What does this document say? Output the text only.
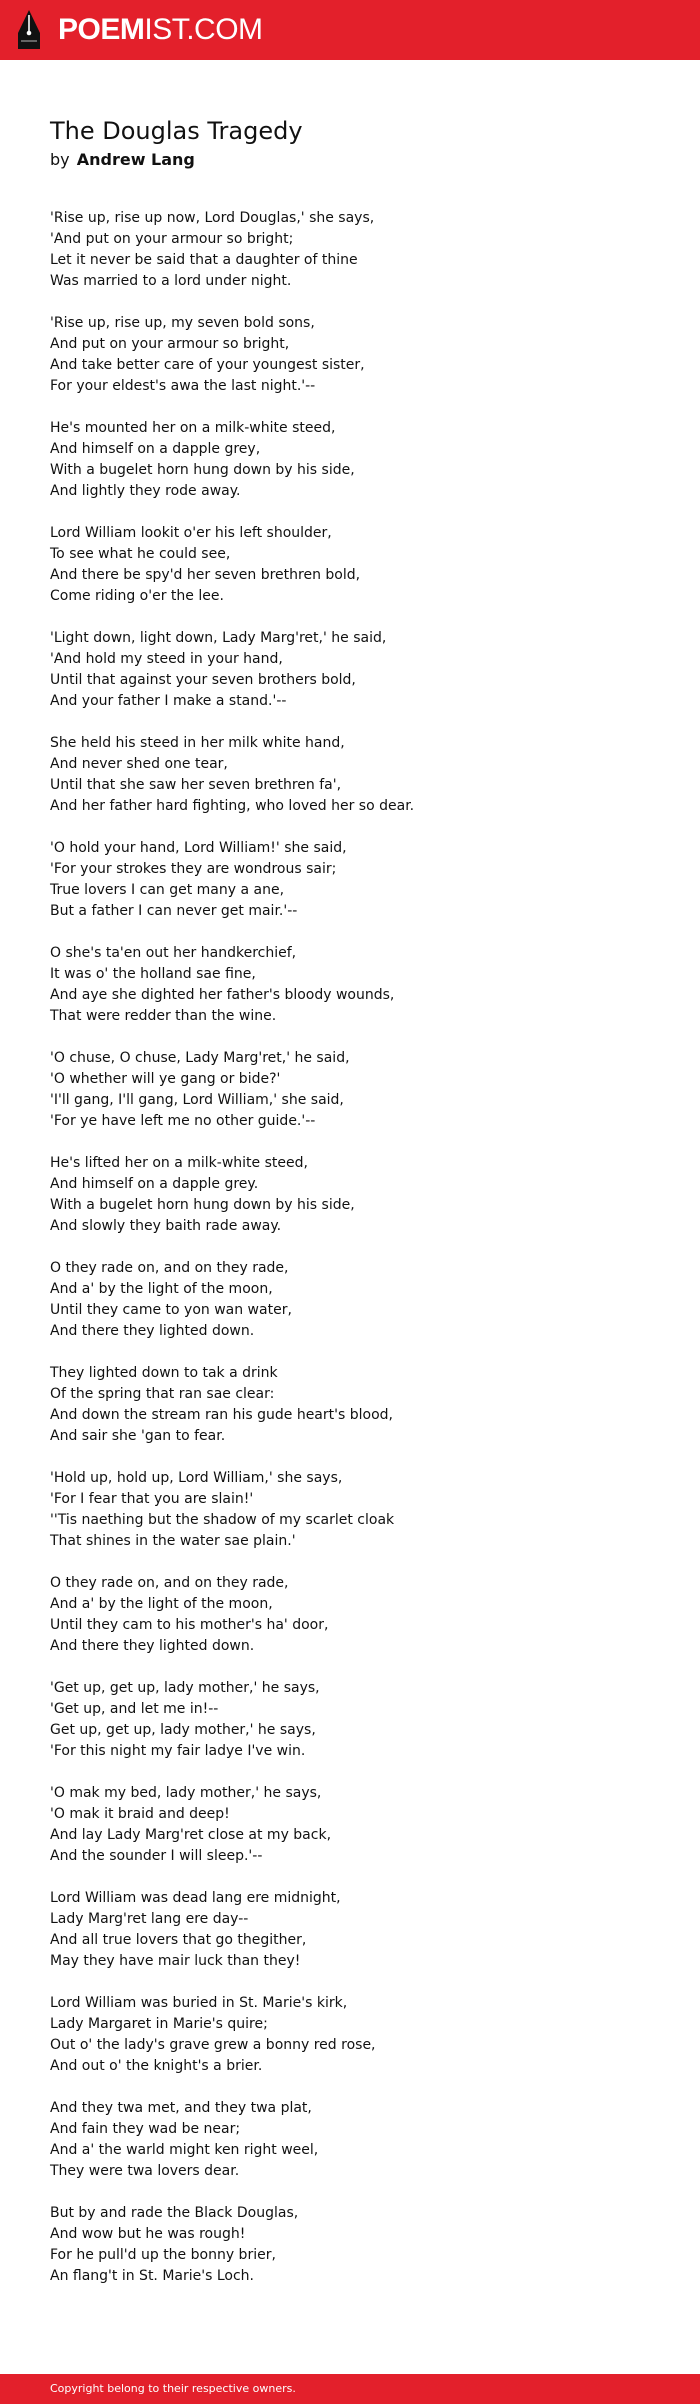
POEMIST.COM
The Douglas Tragedy
by Andrew Lang
'Rise up, rise up now, Lord Douglas,' she says,
'And put on your armour so bright;
Let it never be said that a daughter of thine
Was married to a lord under night.
'Rise up, rise up, my seven bold sons,
And put on your armour so bright,
And take better care of your youngest sister,
For your eldest's awa the last night.'--
He's mounted her on a milk-white steed,
And himself on a dapple grey,
With a bugelet horn hung down by his side,
And lightly they rode away.
Lord William lookit o'er his left shoulder,
To see what he could see,
And there be spy'd her seven brethren bold,
Come riding o'er the lee.
'Light down, light down, Lady Marg'ret,' he said,
'And hold my steed in your hand,
Until that against your seven brothers bold,
And your father I make a stand.'--
She held his steed in her milk white hand,
And never shed one tear,
Until that she saw her seven brethren fa',
And her father hard fighting, who loved her so dear.
'O hold your hand, Lord William!' she said,
'For your strokes they are wondrous sair;
True lovers I can get many a ane,
But a father I can never get mair.'--
O she's ta'en out her handkerchief,
It was o' the holland sae fine,
And aye she dighted her father's bloody wounds,
That were redder than the wine.
'O chuse, O chuse, Lady Marg'ret,' he said,
'O whether will ye gang or bide?'
'I'll gang, I'll gang, Lord William,' she said,
'For ye have left me no other guide.'--
He's lifted her on a milk-white steed,
And himself on a dapple grey.
With a bugelet horn hung down by his side,
And slowly they baith rade away.
O they rade on, and on they rade,
And a' by the light of the moon,
Until they came to yon wan water,
And there they lighted down.
They lighted down to tak a drink
Of the spring that ran sae clear:
And down the stream ran his gude heart's blood,
And sair she 'gan to fear.
'Hold up, hold up, Lord William,' she says,
'For I fear that you are slain!'
''Tis naething but the shadow of my scarlet cloak
That shines in the water sae plain.'
O they rade on, and on they rade,
And a' by the light of the moon,
Until they cam to his mother's ha' door,
And there they lighted down.
'Get up, get up, lady mother,' he says,
'Get up, and let me in!--
Get up, get up, lady mother,' he says,
'For this night my fair ladye I've win.
'O mak my bed, lady mother,' he says,
'O mak it braid and deep!
And lay Lady Marg'ret close at my back,
And the sounder I will sleep.'--
Lord William was dead lang ere midnight,
Lady Marg'ret lang ere day--
And all true lovers that go thegither,
May they have mair luck than they!
Lord William was buried in St. Marie's kirk,
Lady Margaret in Marie's quire;
Out o' the lady's grave grew a bonny red rose,
And out o' the knight's a brier.
And they twa met, and they twa plat,
And fain they wad be near;
And a' the warld might ken right weel,
They were twa lovers dear.
But by and rade the Black Douglas,
And wow but he was rough!
For he pull'd up the bonny brier,
An flang't in St. Marie's Loch.
Copyright belong to their respective owners.
